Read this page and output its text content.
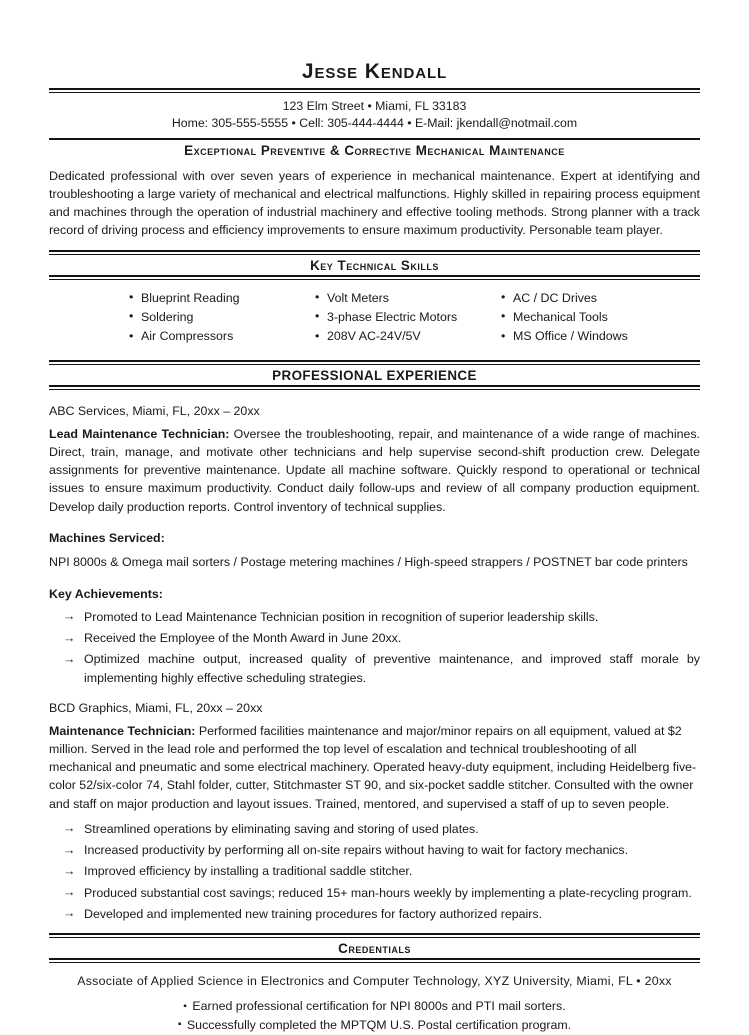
Jesse Kendall
123 Elm Street • Miami, FL 33183
Home: 305-555-5555 • Cell: 305-444-4444 • E-Mail: jkendall@notmail.com
Exceptional Preventive & Corrective Mechanical Maintenance
Dedicated professional with over seven years of experience in mechanical maintenance. Expert at identifying and troubleshooting a large variety of mechanical and electrical malfunctions. Highly skilled in repairing process equipment and machines through the operation of industrial machinery and effective tooling methods. Strong planner with a track record of driving process and efficiency improvements to ensure maximum productivity. Personable team player.
Key Technical Skills
• Blueprint Reading
• Soldering
• Air Compressors
• Volt Meters
• 3-phase Electric Motors
• 208V AC-24V/5V
• AC / DC Drives
• Mechanical Tools
• MS Office / Windows
PROFESSIONAL EXPERIENCE
ABC Services, Miami, FL, 20xx – 20xx
Lead Maintenance Technician: Oversee the troubleshooting, repair, and maintenance of a wide range of machines. Direct, train, manage, and motivate other technicians and help supervise second-shift production crew. Delegate assignments for preventive maintenance. Update all machine software. Quickly respond to operational or technical issues to ensure maximum productivity. Conduct daily follow-ups and review of all company production equipment. Develop daily production reports. Control inventory of technical supplies.
Machines Serviced:
NPI 8000s & Omega mail sorters / Postage metering machines / High-speed strappers / POSTNET bar code printers
Key Achievements:
→ Promoted to Lead Maintenance Technician position in recognition of superior leadership skills.
→ Received the Employee of the Month Award in June 20xx.
→ Optimized machine output, increased quality of preventive maintenance, and improved staff morale by implementing highly effective scheduling strategies.
BCD Graphics, Miami, FL, 20xx – 20xx
Maintenance Technician: Performed facilities maintenance and major/minor repairs on all equipment, valued at $2 million. Served in the lead role and performed the top level of escalation and technical troubleshooting of all mechanical and pneumatic and some electrical machinery. Operated heavy-duty equipment, including Heidelberg five-color 52/six-color 74, Stahl folder, cutter, Stitchmaster ST 90, and six-pocket saddle stitcher. Consulted with the owner and staff on major production and layout issues. Trained, mentored, and supervised a staff of up to seven people.
→ Streamlined operations by eliminating saving and storing of used plates.
→ Increased productivity by performing all on-site repairs without having to wait for factory mechanics.
→ Improved efficiency by installing a traditional saddle stitcher.
→ Produced substantial cost savings; reduced 15+ man-hours weekly by implementing a plate-recycling program.
→ Developed and implemented new training procedures for factory authorized repairs.
Credentials
Associate of Applied Science in Electronics and Computer Technology, XYZ University, Miami, FL • 20xx
▪  Earned professional certification for NPI 8000s and PTI mail sorters.
▪  Successfully completed the MPTQM U.S. Postal certification program.
